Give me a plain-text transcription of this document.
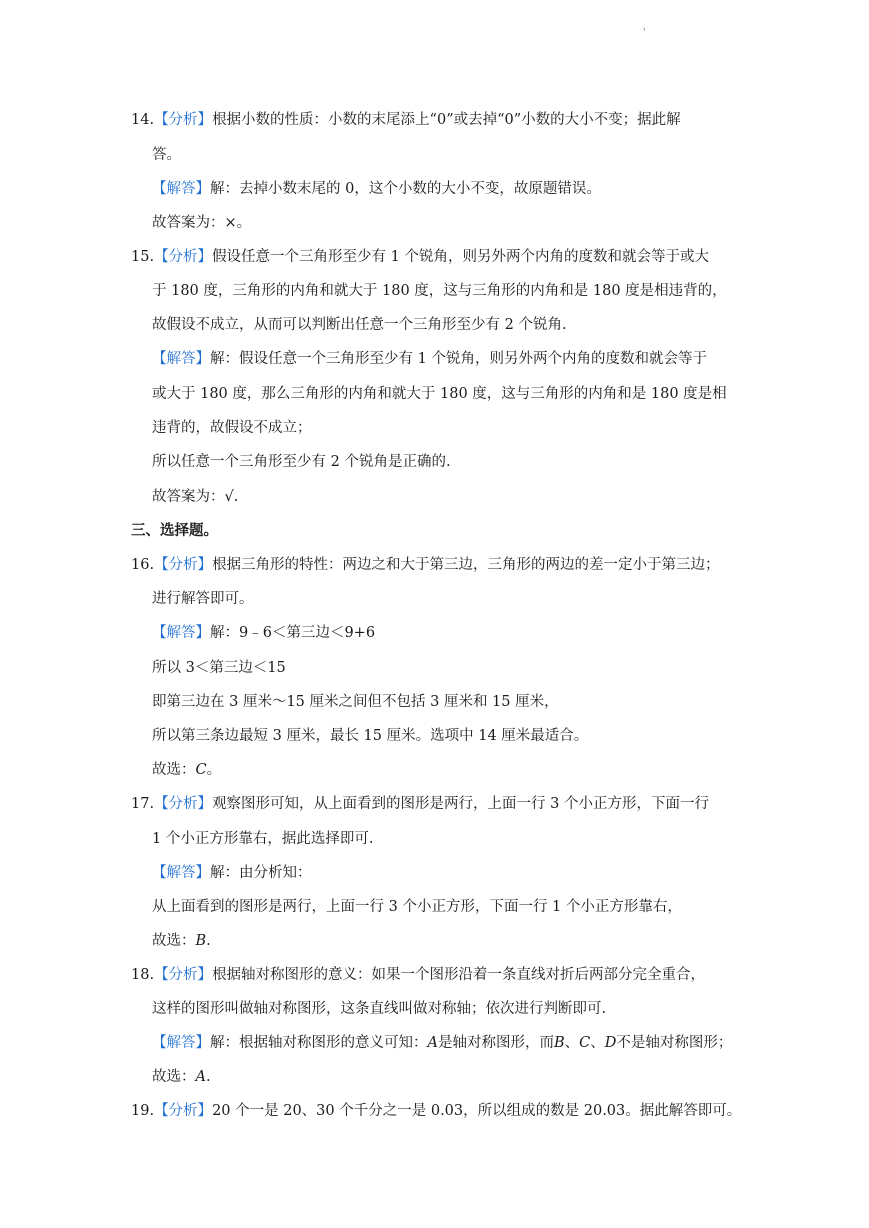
'
14.【分析】根据小数的性质：小数的末尾添上“0”或去掉“0”小数的大小不变；据此解
答。
【解答】解：去掉小数末尾的 0，这个小数的大小不变，故原题错误。
故答案为：×。
15.【分析】假设任意一个三角形至少有 1 个锐角，则另外两个内角的度数和就会等于或大
于 180 度，三角形的内角和就大于 180 度，这与三角形的内角和是 180 度是相违背的，
故假设不成立，从而可以判断出任意一个三角形至少有 2 个锐角.
【解答】解：假设任意一个三角形至少有 1 个锐角，则另外两个内角的度数和就会等于
或大于 180 度，那么三角形的内角和就大于 180 度，这与三角形的内角和是 180 度是相
违背的，故假设不成立；
所以任意一个三角形至少有 2 个锐角是正确的.
故答案为：√.
三、选择题。
16.【分析】根据三角形的特性：两边之和大于第三边，三角形的两边的差一定小于第三边；
进行解答即可。
【解答】解：9﹣6＜第三边＜9+6
所以 3＜第三边＜15
即第三边在 3 厘米～15 厘米之间但不包括 3 厘米和 15 厘米，
所以第三条边最短 3 厘米，最长 15 厘米。选项中 14 厘米最适合。
故选：C。
17.【分析】观察图形可知，从上面看到的图形是两行，上面一行 3 个小正方形，下面一行
1 个小正方形靠右，据此选择即可.
【解答】解：由分析知：
从上面看到的图形是两行，上面一行 3 个小正方形，下面一行 1 个小正方形靠右，
故选：B.
18.【分析】根据轴对称图形的意义：如果一个图形沿着一条直线对折后两部分完全重合，
这样的图形叫做轴对称图形，这条直线叫做对称轴；依次进行判断即可.
【解答】解：根据轴对称图形的意义可知：A是轴对称图形，而B、C、D不是轴对称图形；
故选：A.
19.【分析】20 个一是 20、30 个千分之一是 0.03，所以组成的数是 20.03。据此解答即可。
